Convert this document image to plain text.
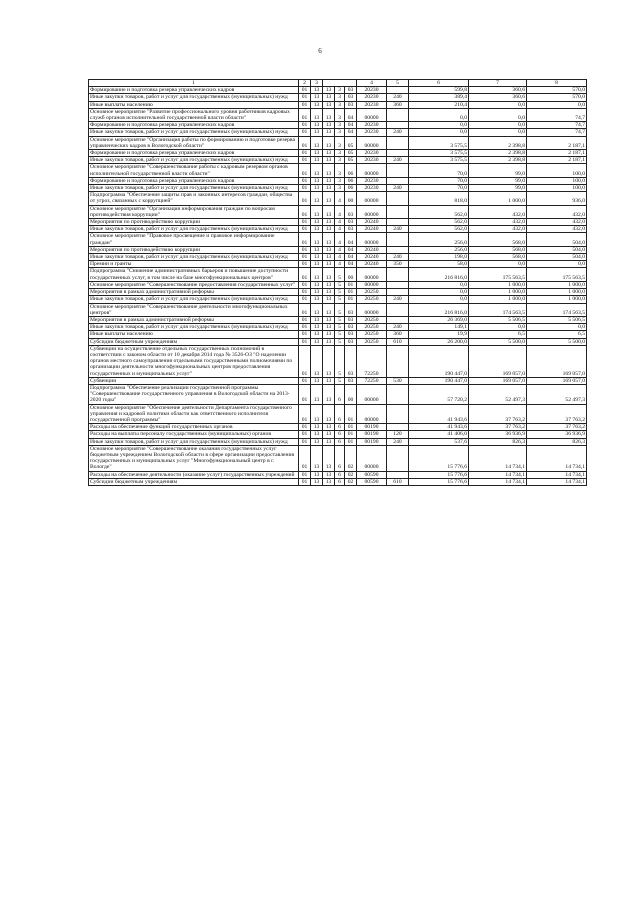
6
1	2	3				4	5	6	7	8
Формирование и подготовка резерва управленческих кадров	01	13	13	3	03	20230		599,8	360,6	570,0
Иные закупки товаров, работ и услуг для государственных (муниципальных) нужд	01	13	13	3	03	20230	240	389,4	360,6	570,0
Иные выплаты населению	01	13	13	3	03	20230	360	210,4	0,0	0,0
Основное мероприятие "Развитие профессионального уровня работников кадровых служб органов исполнительной государственной власти области"	01	13	13	3	04	00000		0,0	0,0	74,7
Формирование и подготовка резерва управленческих кадров	01	13	13	3	04	20230		0,0	0,0	74,7
Иные закупки товаров, работ и услуг для государственных (муниципальных) нужд	01	13	13	3	04	20230	240	0,0	0,0	74,7
Основное мероприятие "Организация работы по формированию и подготовке резерва управленческих кадров в Вологодской области"	01	13	13	3	05	00000		3 575,5	2 398,8	2 187,1
Формирование и подготовка резерва управленческих кадров	01	13	13	3	05	20230		3 575,5	2 398,8	2 187,1
Иные закупки товаров, работ и услуг для государственных (муниципальных) нужд	01	13	13	3	05	20230	240	3 575,5	2 398,8	2 187,1
Основное мероприятие "Совершенствование работы с кадровым резервом органов исполнительной государственной власти области"	01	13	13	3	06	00000		70,0	99,0	100,0
Формирование и подготовка резерва управленческих кадров	01	13	13	3	06	20230		70,0	99,0	100,0
Иные закупки товаров, работ и услуг для государственных (муниципальных) нужд	01	13	13	3	06	20230	240	70,0	99,0	100,0
Подпрограмма "Обеспечение защиты прав и законных интересов граждан, общества от угроз, связанных с коррупцией"	01	13	13	4	00	00000		818,0	1 000,0	936,0
Основное мероприятие "Организация информирования граждан по вопросам противодействия коррупции"	01	13	13	4	03	00000		562,0	432,0	432,0
Мероприятия по противодействию коррупции	01	13	13	4	03	20240		562,0	432,0	432,0
Иные закупки товаров, работ и услуг для государственных (муниципальных) нужд	01	13	13	4	03	20240	240	562,0	432,0	432,0
Основное мероприятие "Правовое просвещение и правовое информирование граждан"	01	13	13	4	04	00000		256,0	568,0	504,0
Мероприятия по противодействию коррупции	01	13	13	4	04	20240		256,0	568,0	504,0
Иные закупки товаров, работ и услуг для государственных (муниципальных) нужд	01	13	13	4	04	20240	240	198,0	568,0	504,0
Премии и гранты	01	13	13	4	04	20240	350	58,0	0,0	0,0
Подпрограмма "Снижение административных барьеров и повышение доступности государственных услуг, в том числе на базе многофункциональных центров"	01	13	13	5	00	00000		216 816,0	175 563,5	175 563,5
Основное мероприятие "Совершенствование предоставления государственных услуг"	01	13	13	5	01	00000		0,0	1 000,0	1 000,0
Мероприятия в рамках административной реформы	01	13	13	5	01	20250		0,0	1 000,0	1 000,0
Иные закупки товаров, работ и услуг для государственных (муниципальных) нужд	01	13	13	5	01	20250	240	0,0	1 000,0	1 000,0
Основное мероприятие "Совершенствование деятельности многофункциональных центров"	01	13	13	5	03	00000		216 816,0	174 563,5	174 563,5
Мероприятия в рамках административной реформы	01	13	13	5	03	20250		26 369,0	5 506,5	5 506,5
Иные закупки товаров, работ и услуг для государственных (муниципальных) нужд	01	13	13	5	03	20250	240	149,1	0,0	0,0
Иные выплаты населению	01	13	13	5	03	20250	360	19,9	6,5	6,5
Субсидии бюджетным учреждениям	01	13	13	5	03	20250	610	26 200,0	5 500,0	5 500,0
Субвенции на осуществление отдельных государственных полномочий в соответствии с законом области от 10 декабря 2014 года № 3526-ОЗ "О наделении органов местного самоуправления отдельными государственными полномочиями по организации деятельности многофункциональных центров предоставления государственных и муниципальных услуг"	01	13	13	5	03	72250		190 447,0	169 057,0	169 057,0
Субвенции	01	13	13	5	03	72250	530	190 447,0	169 057,0	169 057,0
Подпрограмма "Обеспечение реализации государственной программы "Совершенствование государственного управления в Вологодской области на 2013-2020 годы"	01	13	13	6	00	00000		57 720,2	52 497,3	52 497,3
Основное мероприятие "Обеспечение деятельности Департамента государственного управления и кадровой политики области как ответственного исполнителя государственной программы"	01	13	13	6	01	00000		41 943,6	37 763,2	37 763,2
Расходы на обеспечение функций государственных органов	01	13	13	6	01	00190		41 943,6	37 763,2	37 763,2
Расходы на выплаты персоналу государственных (муниципальных) органов	01	13	13	6	01	00190	120	41 406,0	36 936,9	36 936,9
Иные закупки товаров, работ и услуг для государственных (муниципальных) нужд	01	13	13	6	01	00190	240	537,6	826,3	826,3
Основное мероприятие "Совершенствование оказания государственных услуг бюджетным учреждением Вологодской области в сфере организации предоставления государственных и муниципальных услуг "Многофункциональный центр в г. Вологде"	01	13	13	6	02	00000		15 776,6	14 734,1	14 734,1
Расходы на обеспечение деятельности (оказание услуг) государственных учреждений	01	13	13	6	02	00590		15 776,6	14 734,1	14 734,1
Субсидии бюджетным учреждениям	01	13	13	6	02	00590	610	15 776,6	14 734,1	14 734,1
